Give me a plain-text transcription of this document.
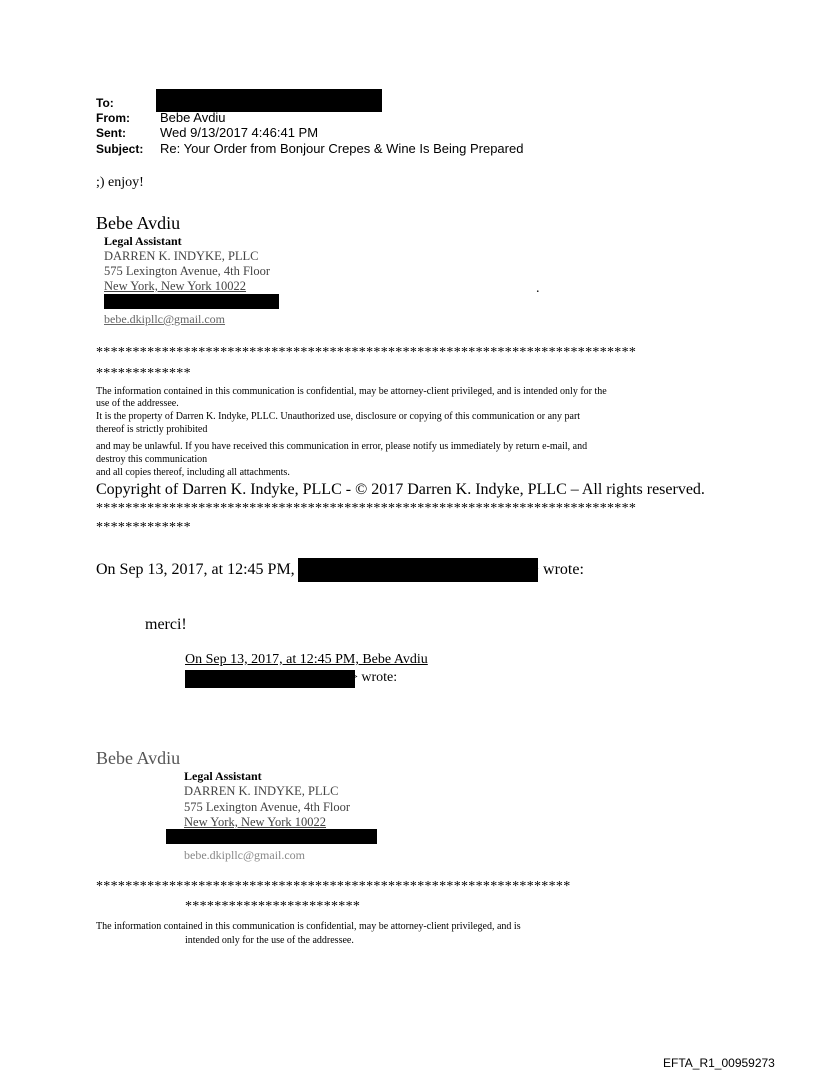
To:
From: Bebe Avdiu
Sent:	Wed 9/13/2017 4:46:41 PM
Subject: Re: Your Order from Bonjour Crepes & Wine Is Being Prepared
;) enjoy!
Bebe Avdiu
Legal Assistant
DARREN K. INDYKE, PLLC
575 Lexington Avenue, 4th Floor
New York, New York 10022
bebe.dkipllc@gmail.com
.
**************************************************************************
*************
The information contained in this communication is confidential, may be attorney-client privileged, and is intended only for the
use of the addressee.
It is the property of Darren K. Indyke, PLLC. Unauthorized use, disclosure or copying of this communication or any part
thereof is strictly prohibited
and may be unlawful. If you have received this communication in error, please notify us immediately by return e-mail, and
destroy this communication
and all copies thereof, including all attachments.
Copyright of Darren K. Indyke, PLLC - © 2017 Darren K. Indyke, PLLC – All rights reserved.
**************************************************************************
*************
On Sep 13, 2017, at 12:45 PM,	> wrote:
merci!
On Sep 13, 2017, at 12:45 PM, Bebe Avdiu
> wrote:
Bebe Avdiu
Legal Assistant
DARREN K. INDYKE, PLLC
575 Lexington Avenue, 4th Floor
New York, New York 10022
bebe.dkipllc@gmail.com
*****************************************************************
************************
The information contained in this communication is confidential, may be attorney-client privileged, and is
intended only for the use of the addressee.
EFTA_R1_00959273
